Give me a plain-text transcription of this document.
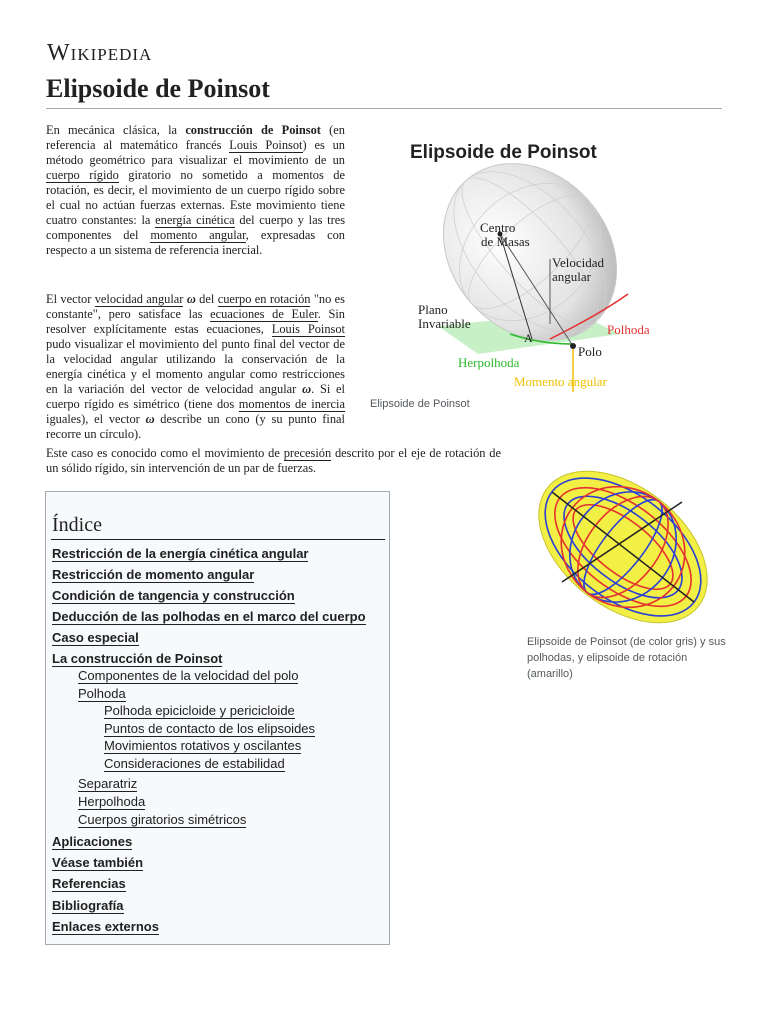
Wikipedia
Elipsoide de Poinsot
En mecánica clásica, la construcción de Poinsot (en referencia al matemático francés Louis Poinsot) es un método geométrico para visualizar el movimiento de un cuerpo rígido giratorio no sometido a momentos de rotación, es decir, el movimiento de un cuerpo rígido sobre el cual no actúan fuerzas externas. Este movimiento tiene cuatro constantes: la energía cinética del cuerpo y las tres componentes del momento angular, expresadas con respecto a un sistema de referencia inercial.
El vector velocidad angular ω del cuerpo en rotación "no es constante", pero satisface las ecuaciones de Euler. Sin resolver explícitamente estas ecuaciones, Louis Poinsot pudo visualizar el movimiento del punto final del vector de la velocidad angular utilizando la conservación de la energía cinética y el momento angular como restricciones en la variación del vector de velocidad angular ω. Si el cuerpo rígido es simétrico (tiene dos momentos de inercia iguales), el vector ω describe un cono (y su punto final recorre un círculo).
Este caso es conocido como el movimiento de precesión descrito por el eje de rotación de un sólido rígido, sin intervención de un par de fuerzas.
Elipsoide de Poinsot
Centro
de Masas
Velocidad
angular
Plano
Invariable	Polhoda
A
Polo
Herpolhoda
Momento angular
Elipsoide de Poinsot
Elipsoide de Poinsot (de color gris) y sus polhodas, y elipsoide de rotación (amarillo)
Índice
Restricción de la energía cinética angular
Restricción de momento angular
Condición de tangencia y construcción
Deducción de las polhodas en el marco del cuerpo
Caso especial
La construcción de Poinsot
Componentes de la velocidad del polo
Polhoda
Polhoda epicicloide y pericicloide
Puntos de contacto de los elipsoides
Movimientos rotativos y oscilantes
Consideraciones de estabilidad
Separatriz
Herpolhoda
Cuerpos giratorios simétricos
Aplicaciones
Véase también
Referencias
Bibliografía
Enlaces externos
